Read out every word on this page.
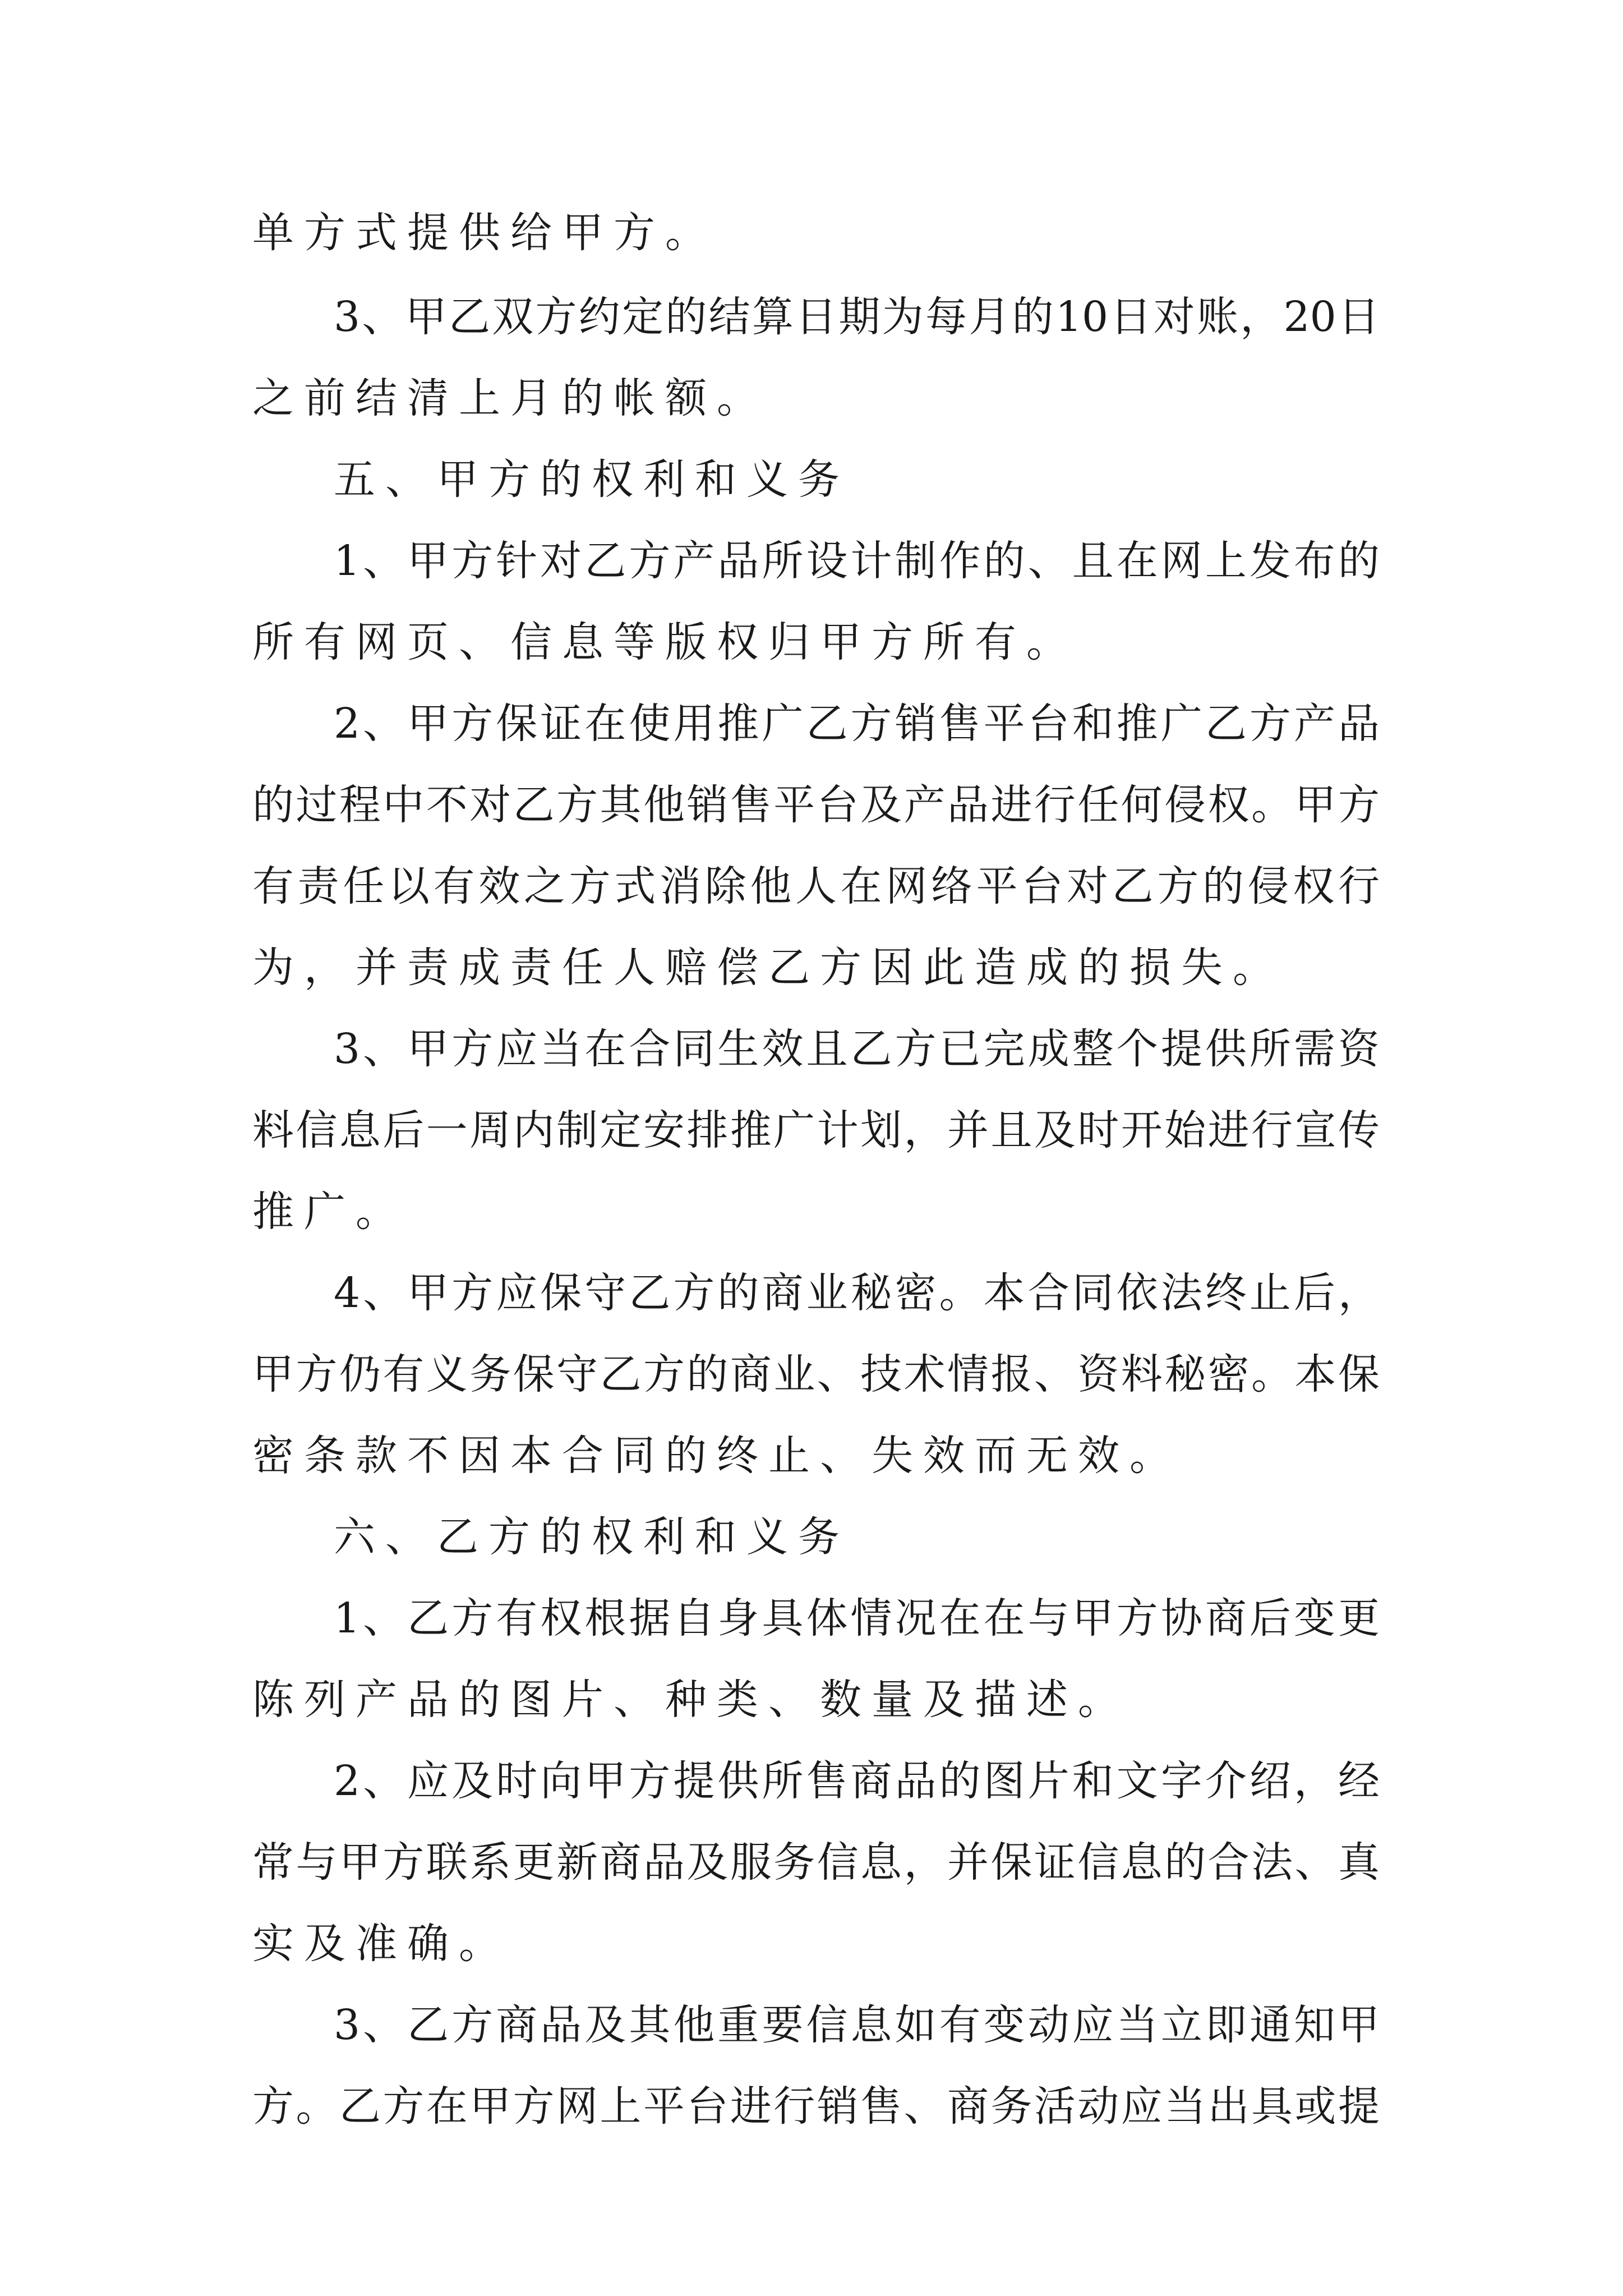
单方式提供给甲方。

3、甲乙双方约定的结算日期为每月的10日对账，20日

之前结清上月的帐额。

五、甲方的权利和义务

1、甲方针对乙方产品所设计制作的、且在网上发布的

所有网页、信息等版权归甲方所有。

2、甲方保证在使用推广乙方销售平台和推广乙方产品

的过程中不对乙方其他销售平台及产品进行任何侵权。甲方

有责任以有效之方式消除他人在网络平台对乙方的侵权行

为，并责成责任人赔偿乙方因此造成的损失。

3、甲方应当在合同生效且乙方已完成整个提供所需资

料信息后一周内制定安排推广计划，并且及时开始进行宣传

推广。

4、甲方应保守乙方的商业秘密。本合同依法终止后，

甲方仍有义务保守乙方的商业、技术情报、资料秘密。本保

密条款不因本合同的终止、失效而无效。

六、乙方的权利和义务

1、乙方有权根据自身具体情况在在与甲方协商后变更

陈列产品的图片、种类、数量及描述。

2、应及时向甲方提供所售商品的图片和文字介绍，经

常与甲方联系更新商品及服务信息，并保证信息的合法、真

实及准确。

3、乙方商品及其他重要信息如有变动应当立即通知甲

方。乙方在甲方网上平台进行销售、商务活动应当出具或提
